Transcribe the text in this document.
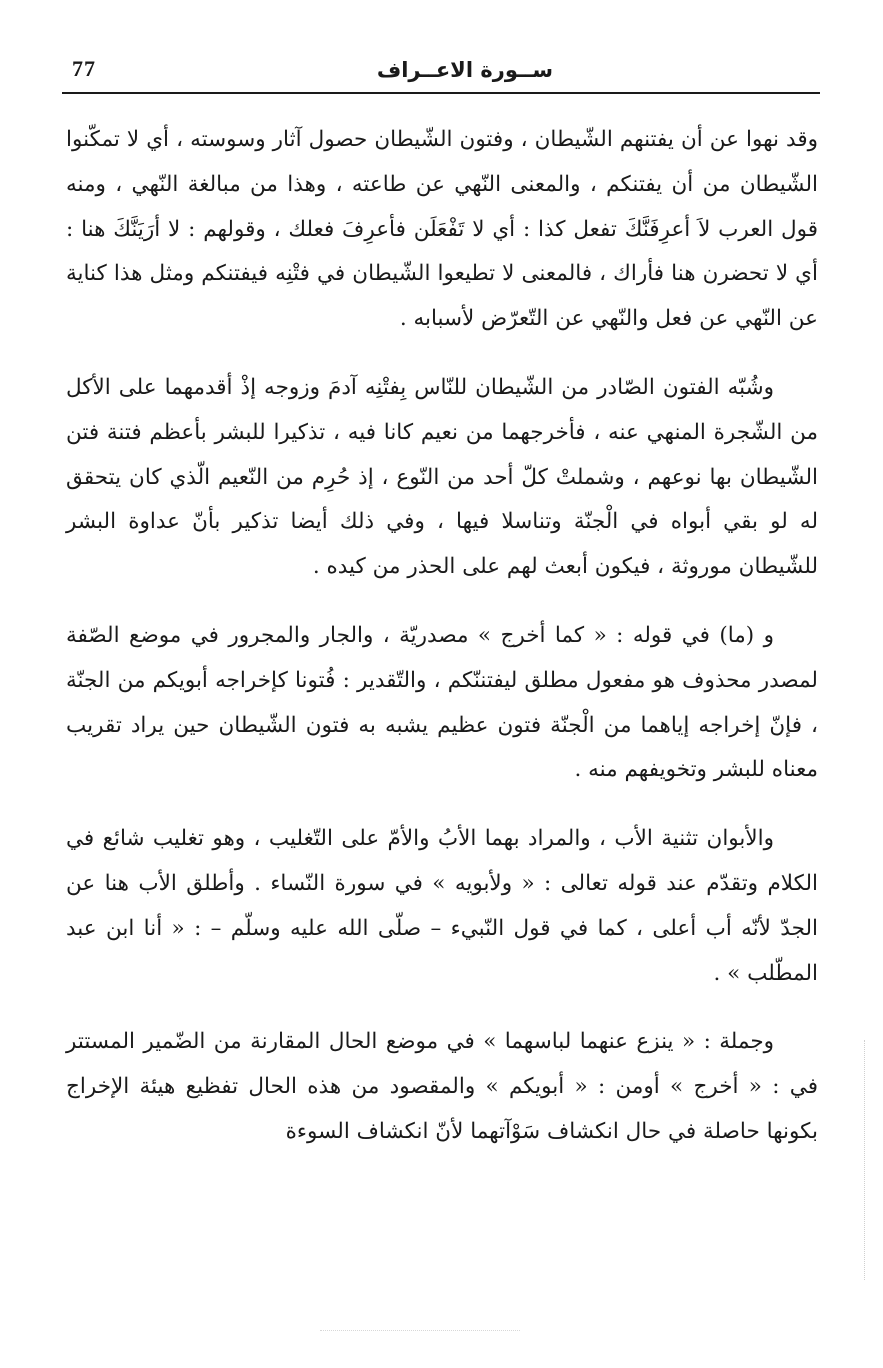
77	ســورة الاعــراف

وقد نهوا عن أن يفتنهم الشّيطان ، وفتون الشّيطان حصول آثار وسوسته ، أي لا تمكّنوا الشّيطان من أن يفتنكم ، والمعنى النّهي عن طاعته ، وهذا من مبالغة النّهي ، ومنه قول العرب لاَ أعرِفَنَّكَ تفعل كذا : أي لا تَفْعَلَن فأعرِفَ فعلك ، وقولهم : لا أرَيَنَّكَ هنا : أي لا تحضرن هنا فأراك ، فالمعنى لا تطيعوا الشّيطان في فتْنِه فيفتنكم ومثل هذا كناية عن النّهي عن فعل والنّهي عن التّعرّض لأسبابه .

وشُبّه الفتون الصّادر من الشّيطان للنّاس بِفتْنِه آدمَ وزوجه إذْ أقدمهما على الأكل من الشّجرة المنهي عنه ، فأخرجهما من نعيم كانا فيه ، تذكيرا للبشر بأعظم فتنة فتن الشّيطان بها نوعهم ، وشملتْ كلّ أحد من النّوع ، إذ حُرِم من النّعيم الّذي كان يتحقق له لو بقي أبواه في الْجنّة وتناسلا فيها ، وفي ذلك أيضا تذكير بأنّ عداوة البشر للشّيطان موروثة ، فيكون أبعث لهم على الحذر من كيده .

و (ما) في قوله : « كما أخرج » مصدريّة ، والجار والمجرور في موضع الصّفة لمصدر محذوف هو مفعول مطلق ليفتننّكم ، والتّقدير : فُتونا كإخراجه أبويكم من الجنّة ، فإنّ إخراجه إياهما من الْجنّة فتون عظيم يشبه به فتون الشّيطان حين يراد تقريب معناه للبشر وتخويفهم منه .

والأبوان تثنية الأب ، والمراد بهما الأبُ والأمّ على التّغليب ، وهو تغليب شائع في الكلام وتقدّم عند قوله تعالى : « ولأبويه » في سورة النّساء . وأطلق الأب هنا عن الجدّ لأنّه أب أعلى ، كما في قول النّبيء – صلّى الله عليه وسلّم – : « أنا ابن عبد المطّلب » .

وجملة : « ينزع عنهما لباسهما » في موضع الحال المقارنة من الضّمير المستتر في : « أخرج » أومن : « أبويكم » والمقصود من هذه الحال تفظيع هيئة الإخراج بكونها حاصلة في حال انكشاف سَوْآتهما لأنّ انكشاف السوءة
